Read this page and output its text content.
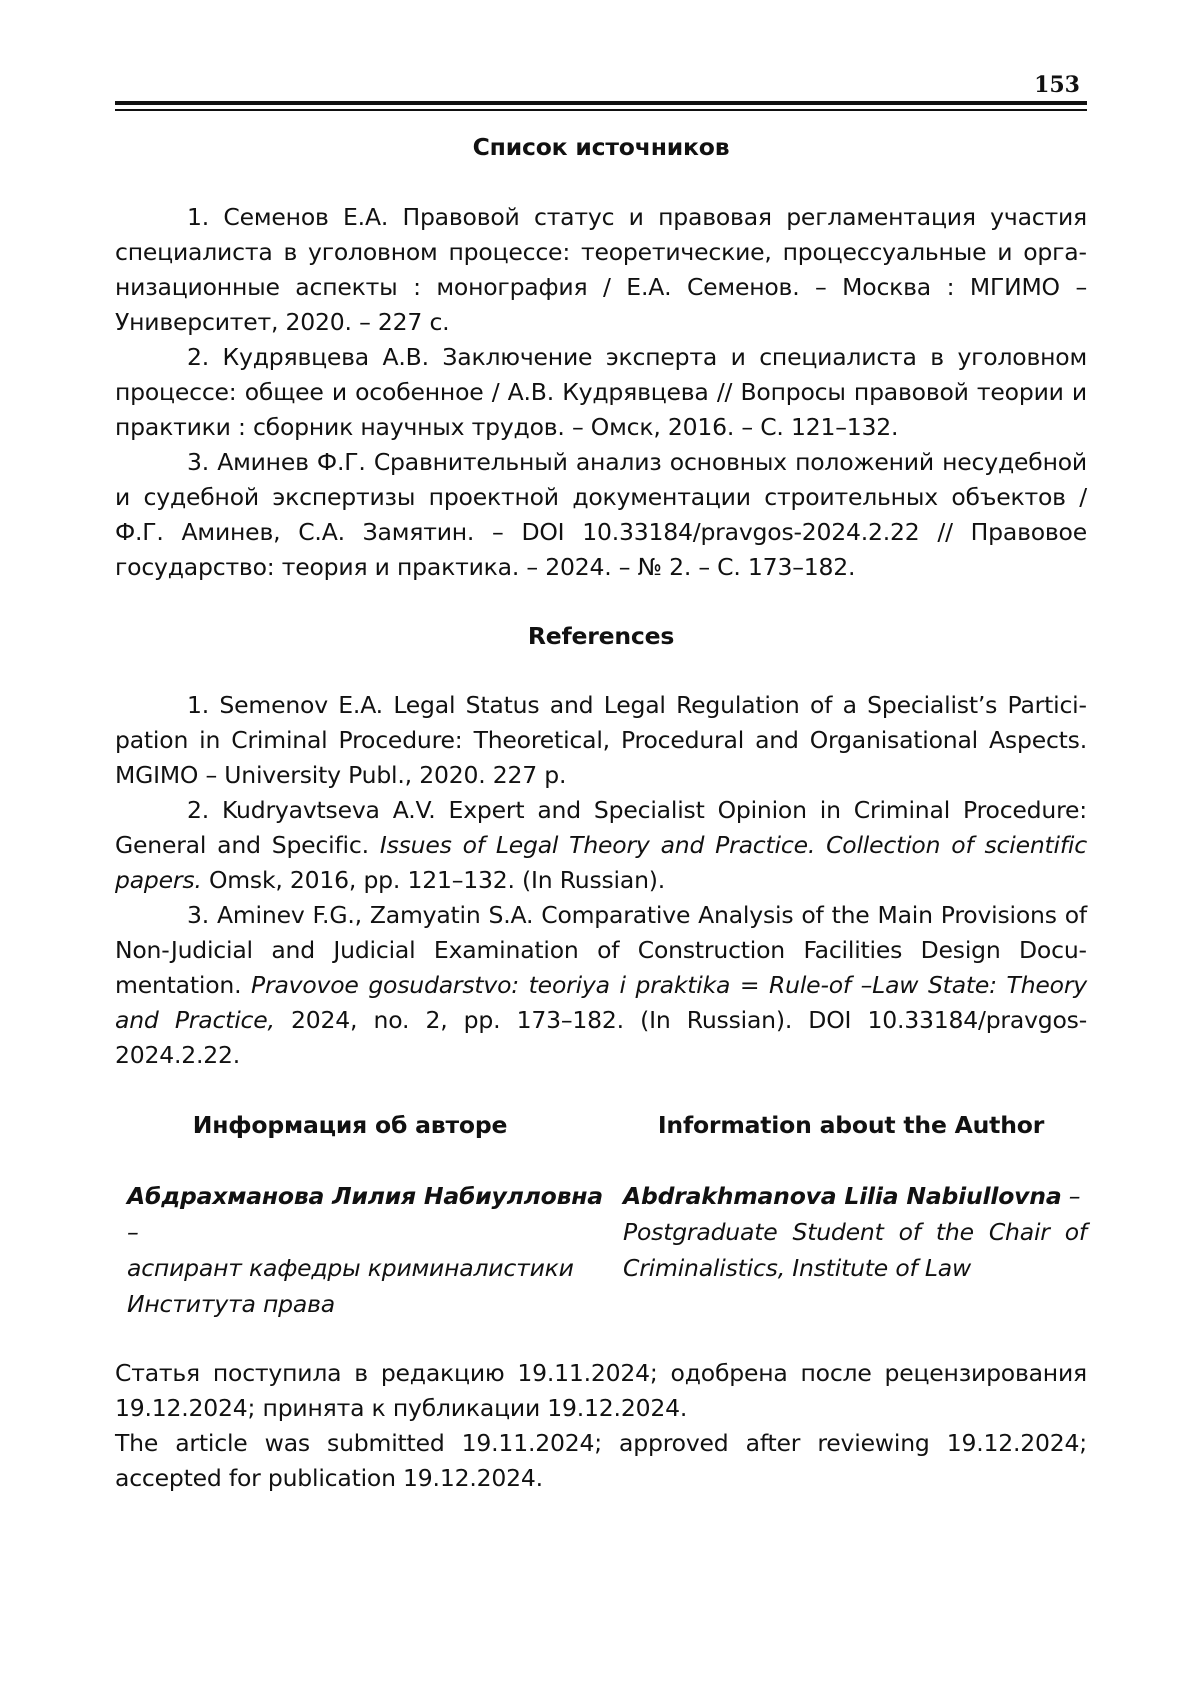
153
Список источников
1. Семенов Е.А. Правовой статус и правовая регламентация участия специалиста в уголовном процессе: теоретические, процессуальные и организационные аспекты : монография / Е.А. Семенов. – Москва : МГИМО – Университет, 2020. – 227 с.
2. Кудрявцева А.В. Заключение эксперта и специалиста в уголовном процессе: общее и особенное / А.В. Кудрявцева // Вопросы правовой теории и практики : сборник научных трудов. – Омск, 2016. – С. 121–132.
3. Аминев Ф.Г. Сравнительный анализ основных положений несудебной и судебной экспертизы проектной документации строительных объектов / Ф.Г. Аминев, С.А. Замятин. – DOI 10.33184/pravgos-2024.2.22 // Правовое государство: теория и практика. – 2024. – № 2. – С. 173–182.
References
1. Semenov E.A. Legal Status and Legal Regulation of a Specialist’s Participation in Criminal Procedure: Theoretical, Procedural and Organisational Aspects. MGIMO – University Publ., 2020. 227 p.
2. Kudryavtseva A.V. Expert and Specialist Opinion in Criminal Procedure: General and Specific. Issues of Legal Theory and Practice. Collection of scientific papers. Omsk, 2016, pp. 121–132. (In Russian).
3. Aminev F.G., Zamyatin S.A. Comparative Analysis of the Main Provisions of Non-Judicial and Judicial Examination of Construction Facilities Design Documentation. Pravovoe gosudarstvo: teoriya i praktika = Rule-of –Law State: Theory and Practice, 2024, no. 2, pp. 173–182. (In Russian). DOI 10.33184/pravgos-2024.2.22.
Информация об авторе
Абдрахманова Лилия Набиулловна –
аспирант кафедры криминалистики Института права
Information about the Author
Abdrakhmanova Lilia Nabiullovna –
Postgraduate Student of the Chair of Criminalistics, Institute of Law

Статья поступила в редакцию 19.11.2024; одобрена после рецензирования 19.12.2024; принята к публикации 19.12.2024.

The article was submitted 19.11.2024; approved after reviewing 19.12.2024; accepted for publication 19.12.2024.
